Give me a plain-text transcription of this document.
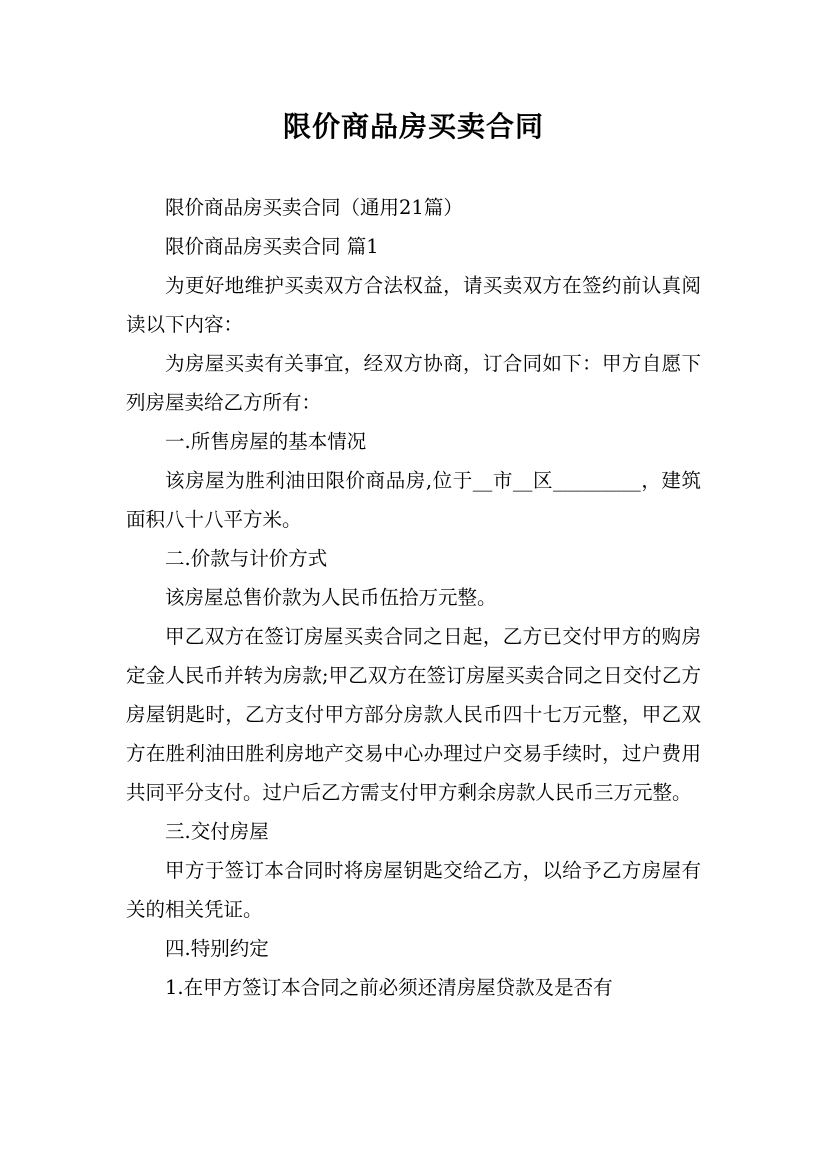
限价商品房买卖合同

限价商品房买卖合同（通用21篇）

限价商品房买卖合同 篇1

为更好地维护买卖双方合法权益，请买卖双方在签约前认真阅读以下内容：

为房屋买卖有关事宜，经双方协商，订合同如下：甲方自愿下列房屋卖给乙方所有：

一.所售房屋的基本情况

该房屋为胜利油田限价商品房,位于__市__区_________，建筑面积八十八平方米。

二.价款与计价方式

该房屋总售价款为人民币伍拾万元整。

甲乙双方在签订房屋买卖合同之日起，乙方已交付甲方的购房定金人民币并转为房款;甲乙双方在签订房屋买卖合同之日交付乙方房屋钥匙时，乙方支付甲方部分房款人民币四十七万元整，甲乙双方在胜利油田胜利房地产交易中心办理过户交易手续时，过户费用共同平分支付。过户后乙方需支付甲方剩余房款人民币三万元整。

三.交付房屋

甲方于签订本合同时将房屋钥匙交给乙方，以给予乙方房屋有关的相关凭证。

四.特别约定

1.在甲方签订本合同之前必须还清房屋贷款及是否有
